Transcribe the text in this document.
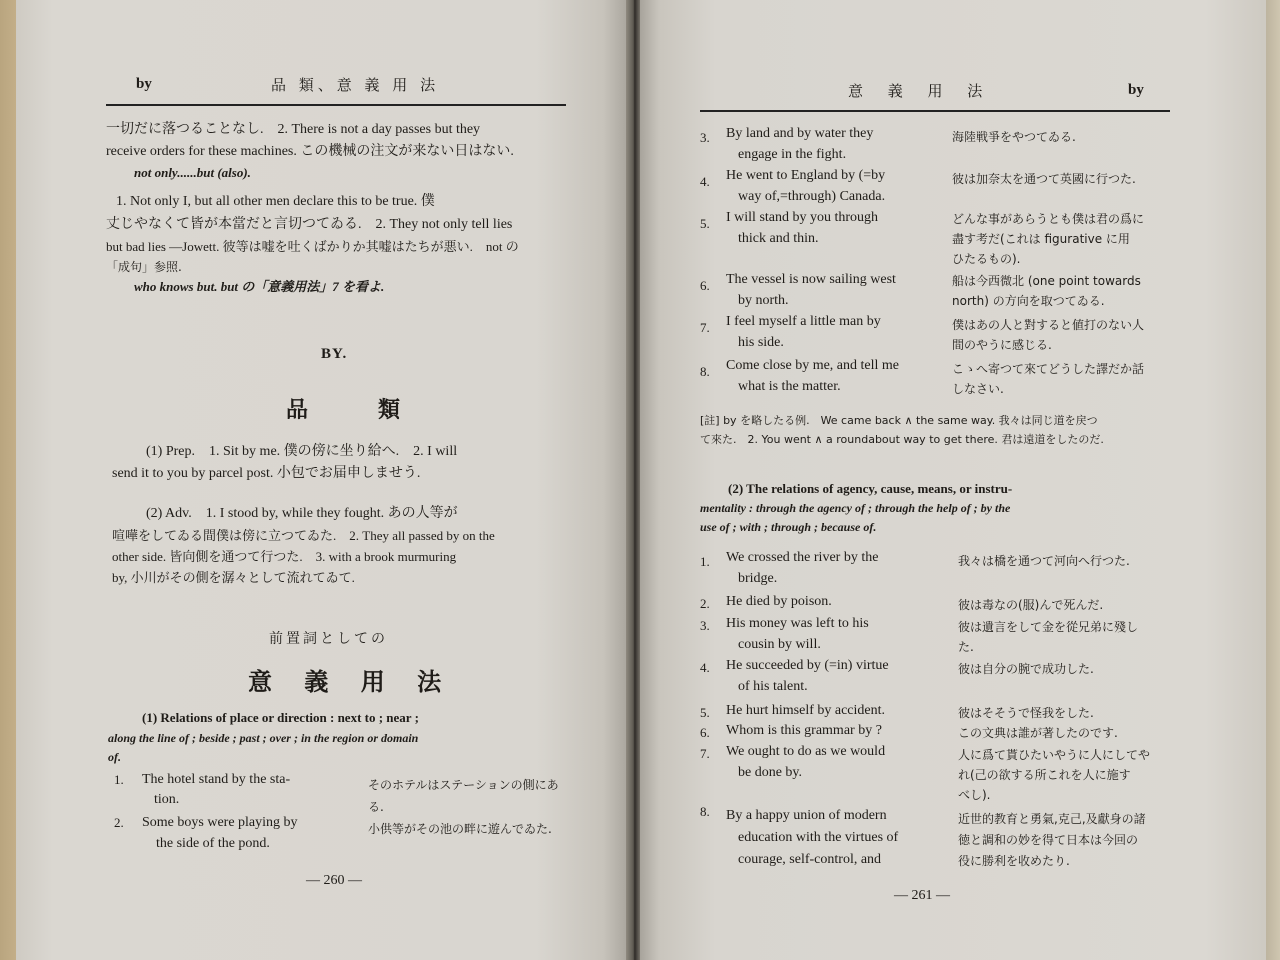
by	品 類、意 義 用 法
一切だに落つることなし.　2. There is not a day passes but they
receive orders for these machines. この機械の注文が来ない日はない.
not only......but (also).
1. Not only I, but all other men declare this to be true. 僕
丈じやなくて皆が本當だと言切つてゐる.　2. They not only tell lies
but bad lies —Jowett. 彼等は嘘を吐くばかりか其嘘はたちが悪い.　not の
「成句」参照.
who knows but. but の「意義用法」7 を看よ.
BY.
品　類
(1) Prep.　1. Sit by me. 僕の傍に坐り給へ.　2. I will
send it to you by parcel post. 小包でお届申しませう.
(2) Adv.　1. I stood by, while they fought. あの人等が
喧嘩をしてゐる間僕は傍に立つてゐた.　2. They all passed by on the
other side. 皆向側を通つて行つた.　3. with a brook murmuring
by, 小川がその側を潺々として流れてゐて.
前置詞としての
意 義 用 法
(1) Relations of place or direction : next to ; near ;
along the line of ; beside ; past ; over ; in the region or domain
of.
1. The hotel stand by the sta-
tion.
そのホテルはステーションの側にあ
る.
2. Some boys were playing by
the side of the pond.
小供等がその池の畔に遊んでゐた.
— 260 —
意 義 用 法	by
3. By land and by water they
engage in the fight.
海陸戦爭をやつてゐる.
4. He went to England by (=by
way of,=through) Canada.
彼は加奈太を通つて英國に行つた.
5. I will stand by you through
thick and thin.
どんな事があらうとも僕は君の爲に
盡す考だ(これは figurative に用
ひたるもの).
6. The vessel is now sailing west
by north.
船は今西微北 (one point towards
north) の方向を取つてゐる.
7. I feel myself a little man by
his side.
僕はあの人と對すると値打のない人
間のやうに感じる.
8. Come close by me, and tell me
what is the matter.
こゝへ寄つて來てどうした譯だか話
しなさい.
[註] by を略したる例.　We came back ∧ the same way. 我々は同じ道を戻つ
て來た.　2. You went ∧ a roundabout way to get there. 君は遠道をしたのだ.
(2) The relations of agency, cause, means, or instru-
mentality : through the agency of ; through the help of ; by the
use of ; with ; through ; because of.
1. We crossed the river by the
bridge.
我々は橋を通つて河向へ行つた.
2. He died by poison.	彼は毒なの(服)んで死んだ.
3. His money was left to his
cousin by will.
彼は遺言をして金を從兄弟に殘し
た.
4. He succeeded by (=in) virtue
of his talent.
彼は自分の腕で成功した.
5. He hurt himself by accident.	彼はそそうで怪我をした.
6. Whom is this grammar by ?	この文典は誰が著したのです.
7. We ought to do as we would
be done by.
人に爲て貰ひたいやうに人にしてや
れ(己の欲する所これを人に施す
べし).
8. By a happy union of modern
education with the virtues of
courage, self-control, and
近世的教育と勇氣,克己,及獻身の諸
徳と調和の妙を得て日本は今回の
役に勝利を收めたり.
— 261 —
